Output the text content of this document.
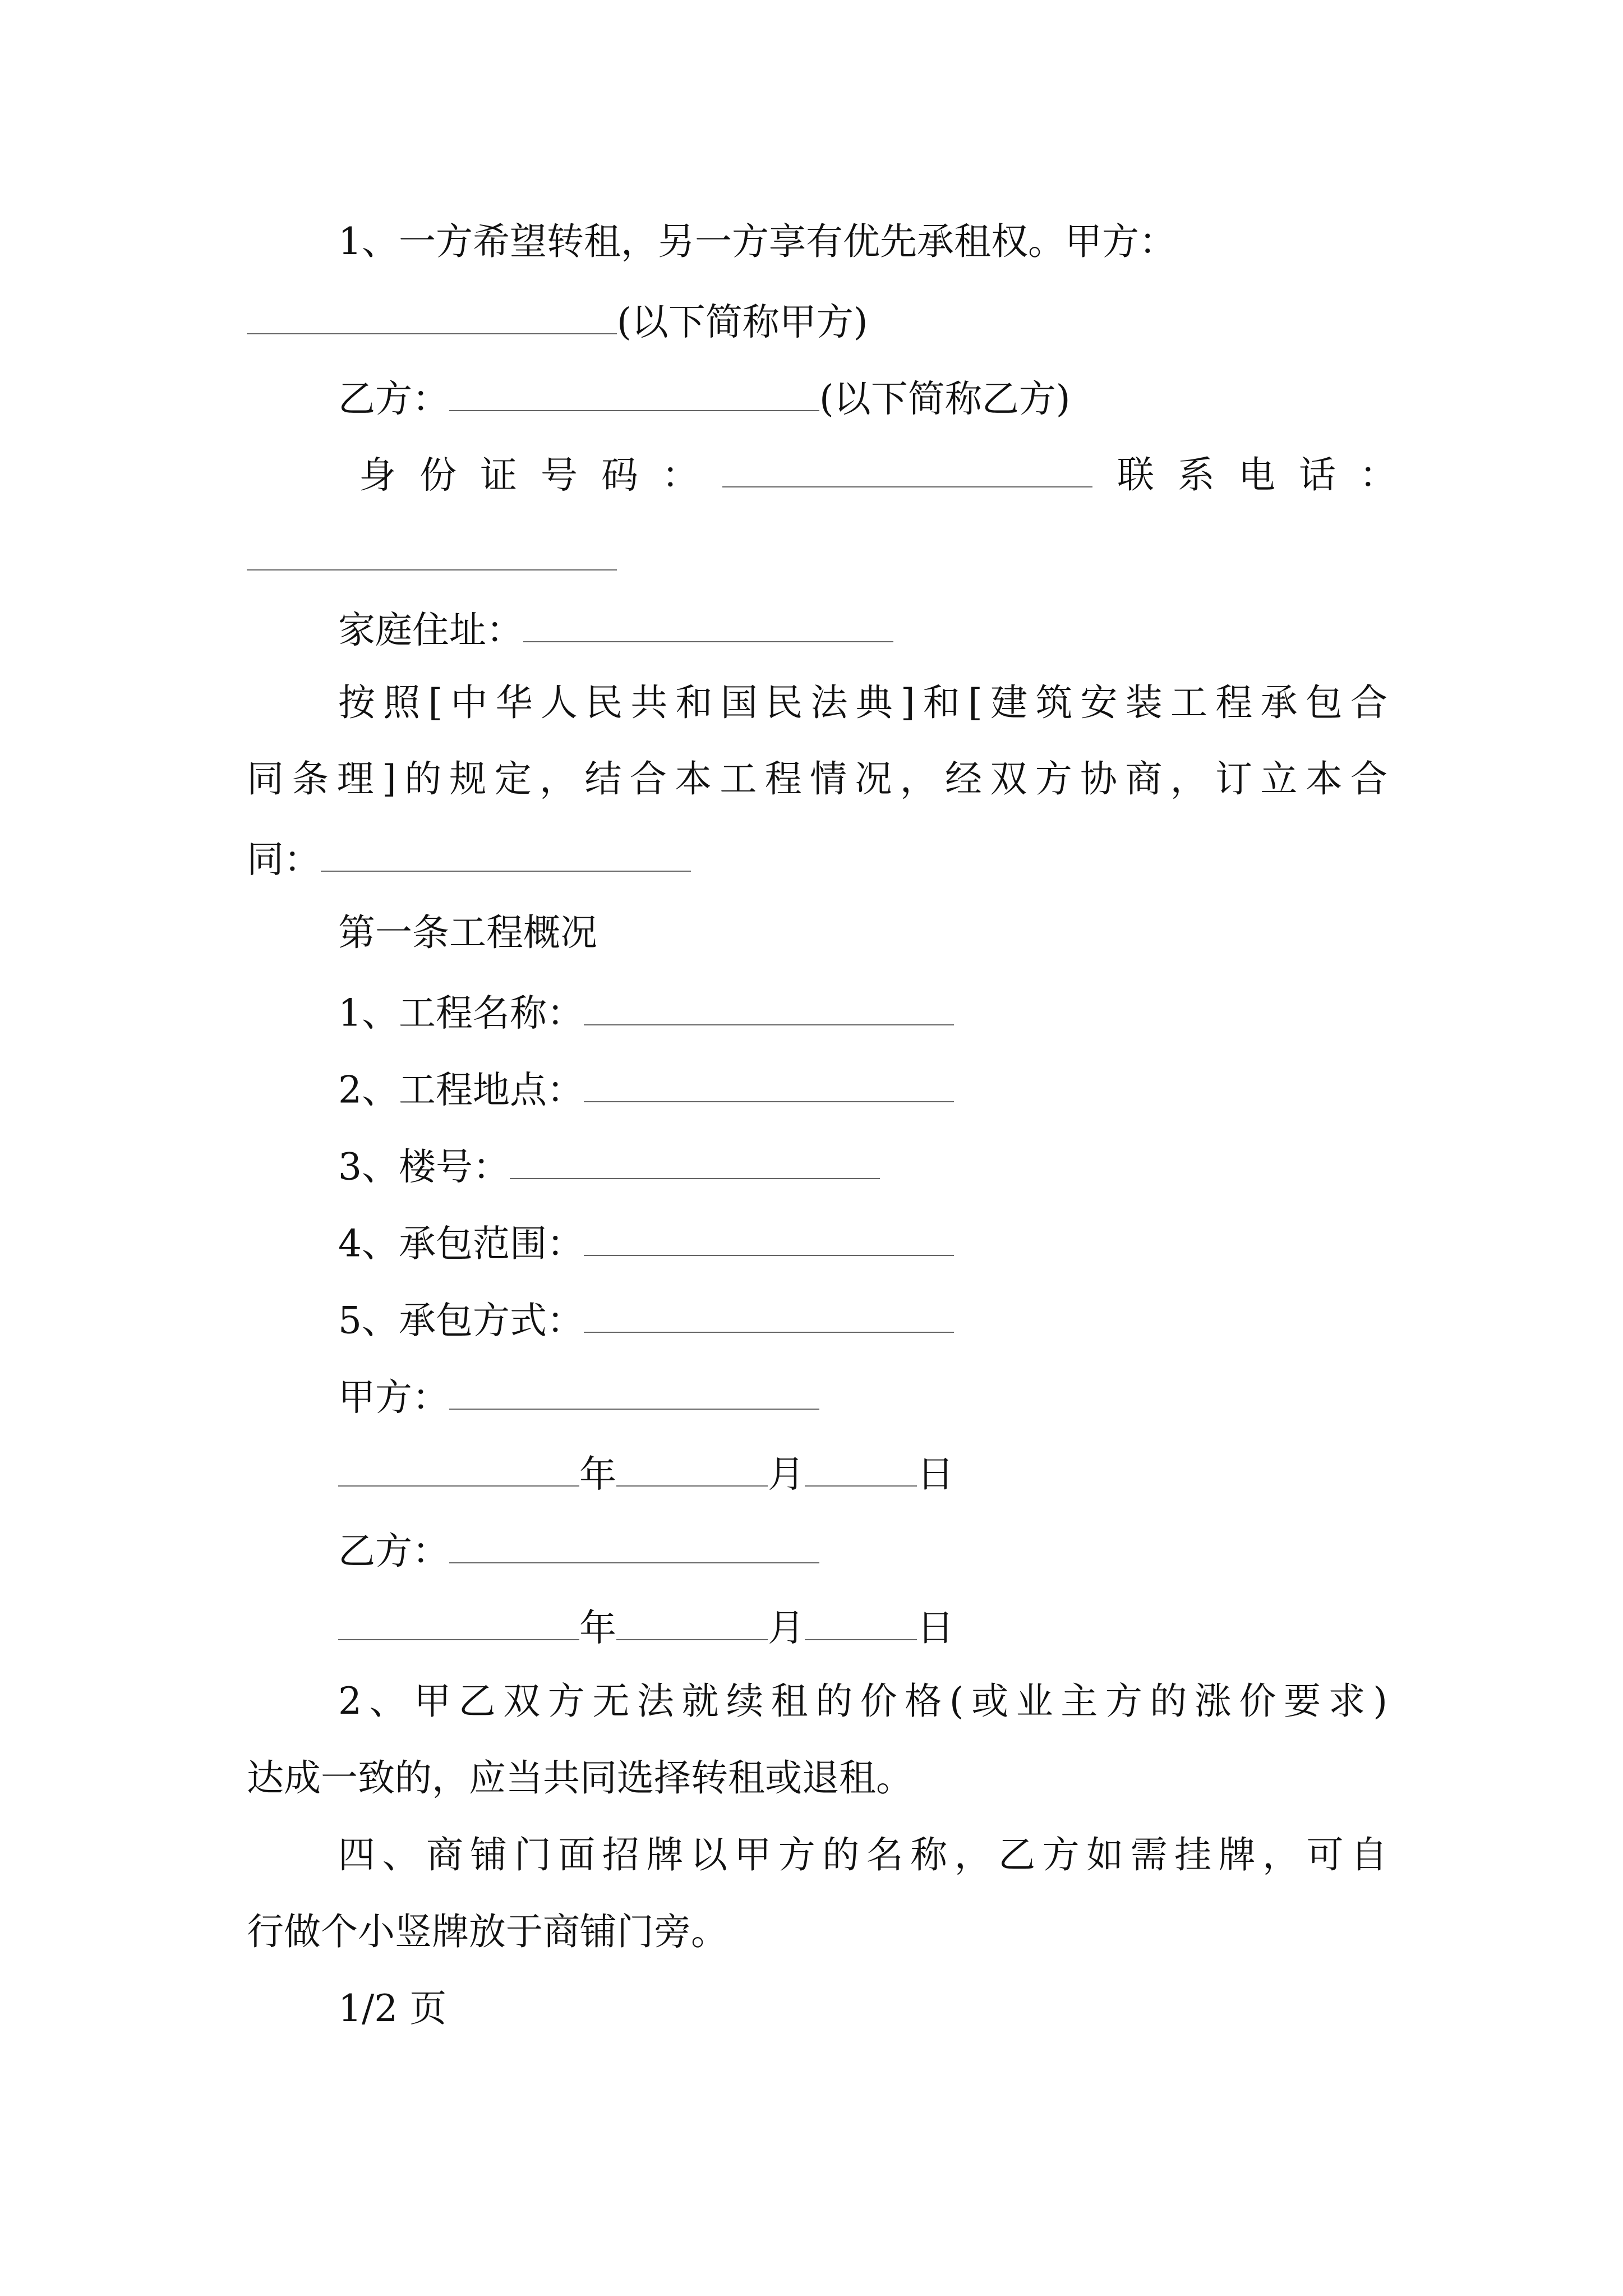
1、一方希望转租，另一方享有优先承租权。甲方：
(以下简称甲方)
乙方：	(以下简称乙方)
身份证号码：	联系电话：
家庭住址：
按照[中华人民共和国民法典]和[建筑安装工程承包合
同条理]的规定，结合本工程情况，经双方协商，订立本合
同：
第一条工程概况
1、工程名称：
2、工程地点：
3、楼号：
4、承包范围：
5、承包方式：
甲方：
年	月	日
乙方：
年	月	日
2、甲乙双方无法就续租的价格(或业主方的涨价要求)
达成一致的，应当共同选择转租或退租。
四、商铺门面招牌以甲方的名称，乙方如需挂牌，可自
行做个小竖牌放于商铺门旁。
1/2 页
